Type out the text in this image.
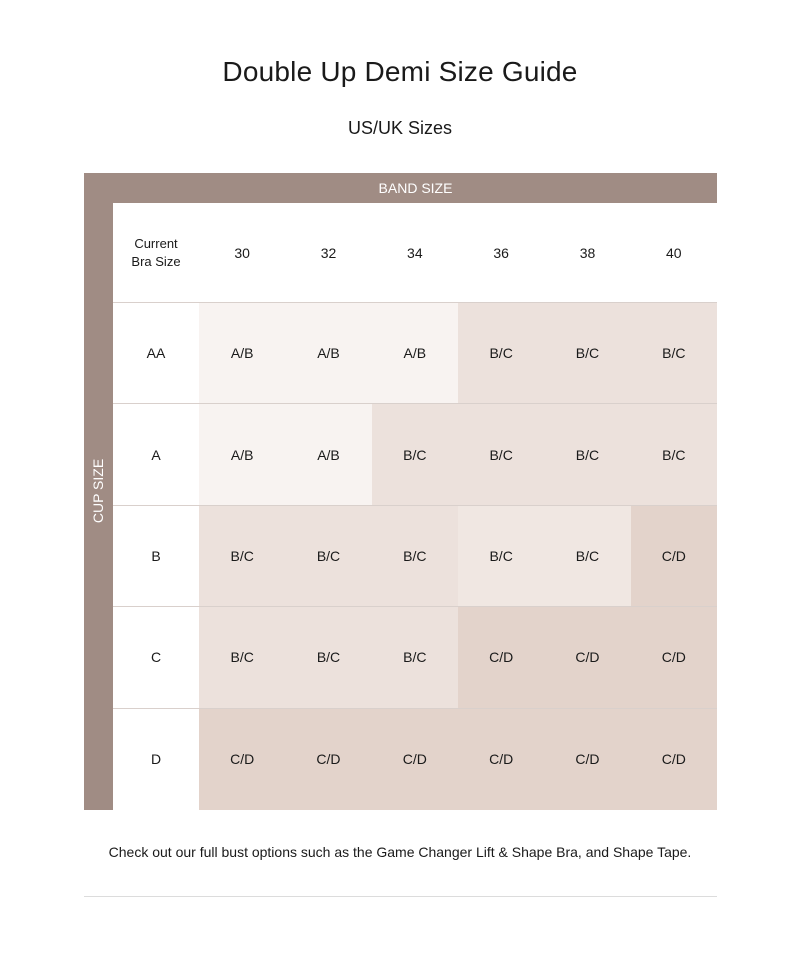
Double Up Demi Size Guide
US/UK Sizes
BAND SIZE
CUP SIZE
Current
Bra Size
30	32	34	36	38	40
AA	A/B	A/B	A/B	B/C	B/C	B/C
A	A/B	A/B	B/C	B/C	B/C	B/C
B	B/C	B/C	B/C	B/C	B/C	C/D
C	B/C	B/C	B/C	C/D	C/D	C/D
D	C/D	C/D	C/D	C/D	C/D	C/D
Check out our full bust options such as the Game Changer Lift & Shape Bra, and Shape Tape.
